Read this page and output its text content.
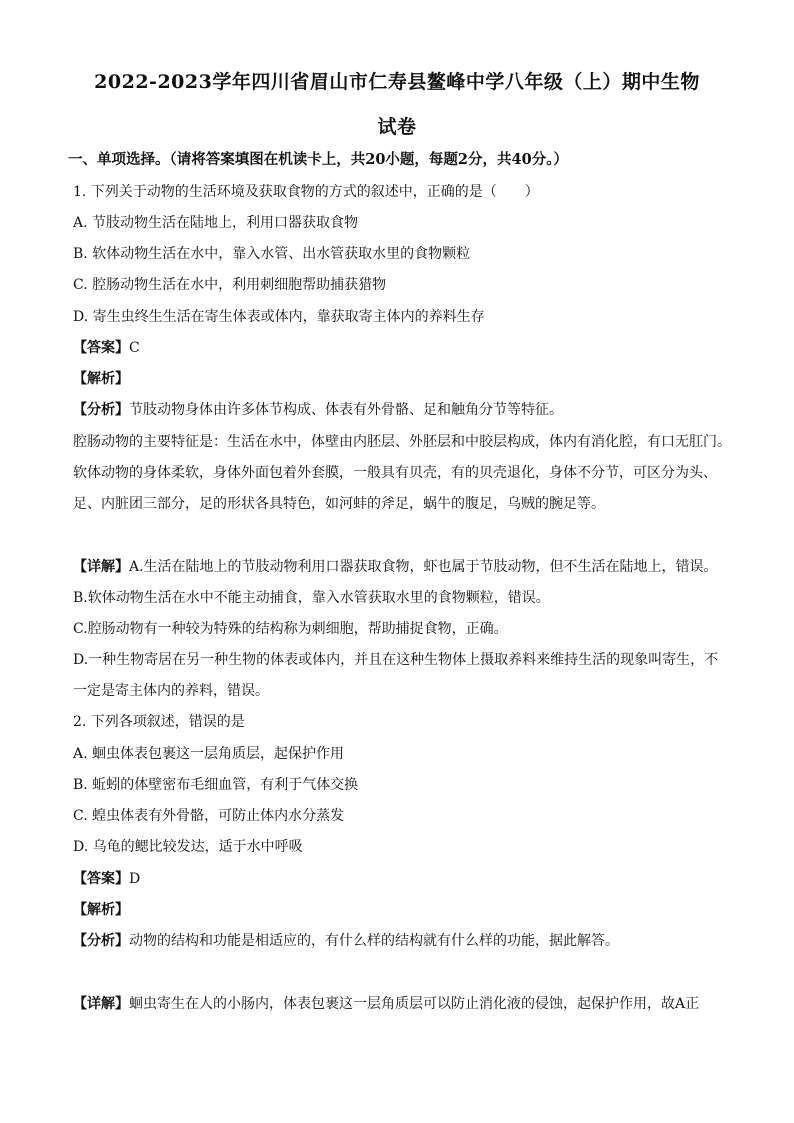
2022-2023学年四川省眉山市仁寿县鳌峰中学八年级（上）期中生物
试卷
一、单项选择。（请将答案填图在机读卡上，共20小题，每题2分，共40分。）
1. 下列关于动物的生活环境及获取食物的方式的叙述中，正确的是（　　）
A. 节肢动物生活在陆地上，利用口器获取食物
B. 软体动物生活在水中，靠入水管、出水管获取水里的食物颗粒
C. 腔肠动物生活在水中，利用刺细胞帮助捕获猎物
D. 寄生虫终生生活在寄生体表或体内，靠获取寄主体内的养料生存
【答案】C
【解析】
【分析】节肢动物身体由许多体节构成、体表有外骨骼、足和触角分节等特征。
腔肠动物的主要特征是：生活在水中，体壁由内胚层、外胚层和中胶层构成，体内有消化腔，有口无肛门。
软体动物的身体柔软，身体外面包着外套膜，一般具有贝壳，有的贝壳退化，身体不分节，可区分为头、
足、内脏团三部分，足的形状各具特色，如河蚌的斧足，蜗牛的腹足，乌贼的腕足等。
【详解】A.生活在陆地上的节肢动物利用口器获取食物，虾也属于节肢动物，但不生活在陆地上，错误。
B.软体动物生活在水中不能主动捕食，靠入水管获取水里的食物颗粒，错误。
C.腔肠动物有一种较为特殊的结构称为刺细胞，帮助捕捉食物，正确。
D.一种生物寄居在另一种生物的体表或体内，并且在这种生物体上摄取养料来维持生活的现象叫寄生，不
一定是寄主体内的养料，错误。
2. 下列各项叙述，错误的是
A. 蛔虫体表包裹这一层角质层，起保护作用
B. 蚯蚓的体壁密布毛细血管，有利于气体交换
C. 蝗虫体表有外骨骼，可防止体内水分蒸发
D. 乌龟的鳃比较发达，适于水中呼吸
【答案】D
【解析】
【分析】动物的结构和功能是相适应的，有什么样的结构就有什么样的功能，据此解答。
【详解】蛔虫寄生在人的小肠内，体表包裹这一层角质层可以防止消化液的侵蚀，起保护作用，故A正
